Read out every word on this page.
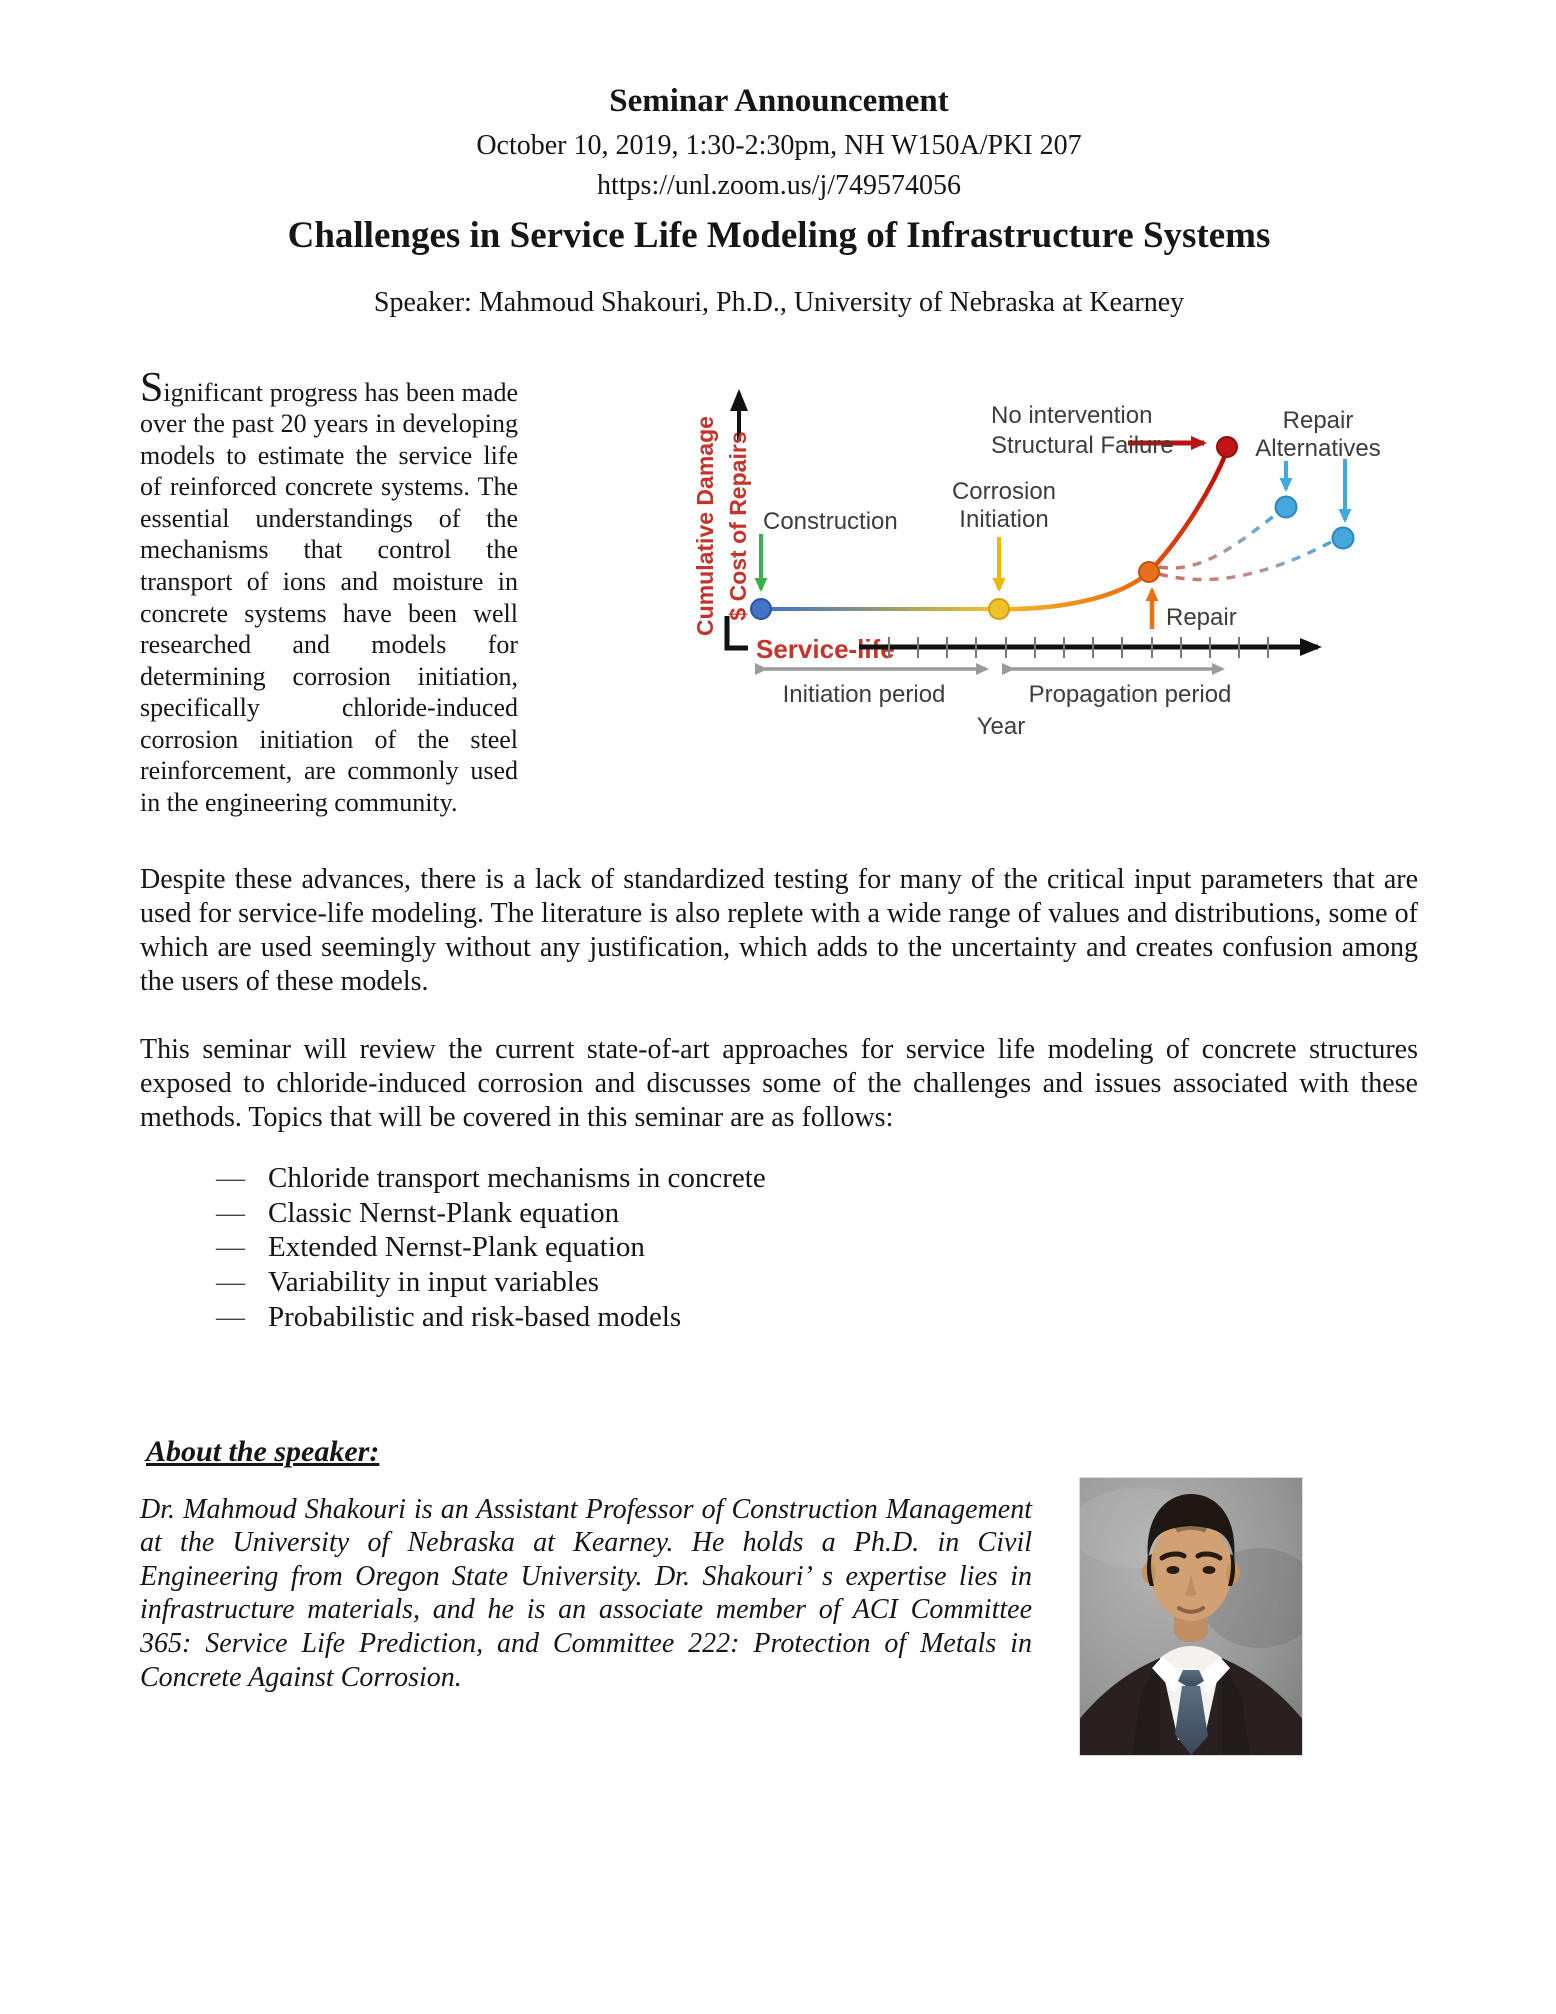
Seminar Announcement
October 10, 2019, 1:30-2:30pm, NH W150A/PKI 207
https://unl.zoom.us/j/749574056
Challenges in Service Life Modeling of Infrastructure Systems
Speaker: Mahmoud Shakouri, Ph.D., University of Nebraska at Kearney

Significant progress has been made over the past 20 years in developing models to estimate the service life of reinforced concrete systems. The essential understandings of the mechanisms that control the transport of ions and moisture in concrete systems have been well researched and models for determining corrosion initiation, specifically chloride-induced corrosion initiation of the steel reinforcement, are commonly used in the engineering community.

Cumulative Damage $ Cost of Repairs
Service-life
Initiation period	Propagation period
Year
Construction
Corrosion
Initiation
No intervention
Structural Failure
Repair
Alternatives
Repair

Despite these advances, there is a lack of standardized testing for many of the critical input parameters that are used for service-life modeling. The literature is also replete with a wide range of values and distributions, some of which are used seemingly without any justification, which adds to the uncertainty and creates confusion among the users of these models.

This seminar will review the current state-of-art approaches for service life modeling of concrete structures exposed to chloride-induced corrosion and discusses some of the challenges and issues associated with these methods. Topics that will be covered in this seminar are as follows:

— Chloride transport mechanisms in concrete
— Classic Nernst-Plank equation
— Extended Nernst-Plank equation
— Variability in input variables
— Probabilistic and risk-based models
About the speaker:

Dr. Mahmoud Shakouri is an Assistant Professor of Construction Management at the University of Nebraska at Kearney. He holds a Ph.D. in Civil Engineering from Oregon State University. Dr. Shakouri’ s expertise lies in infrastructure materials, and he is an associate member of ACI Committee 365: Service Life Prediction, and Committee 222: Protection of Metals in Concrete Against Corrosion.
